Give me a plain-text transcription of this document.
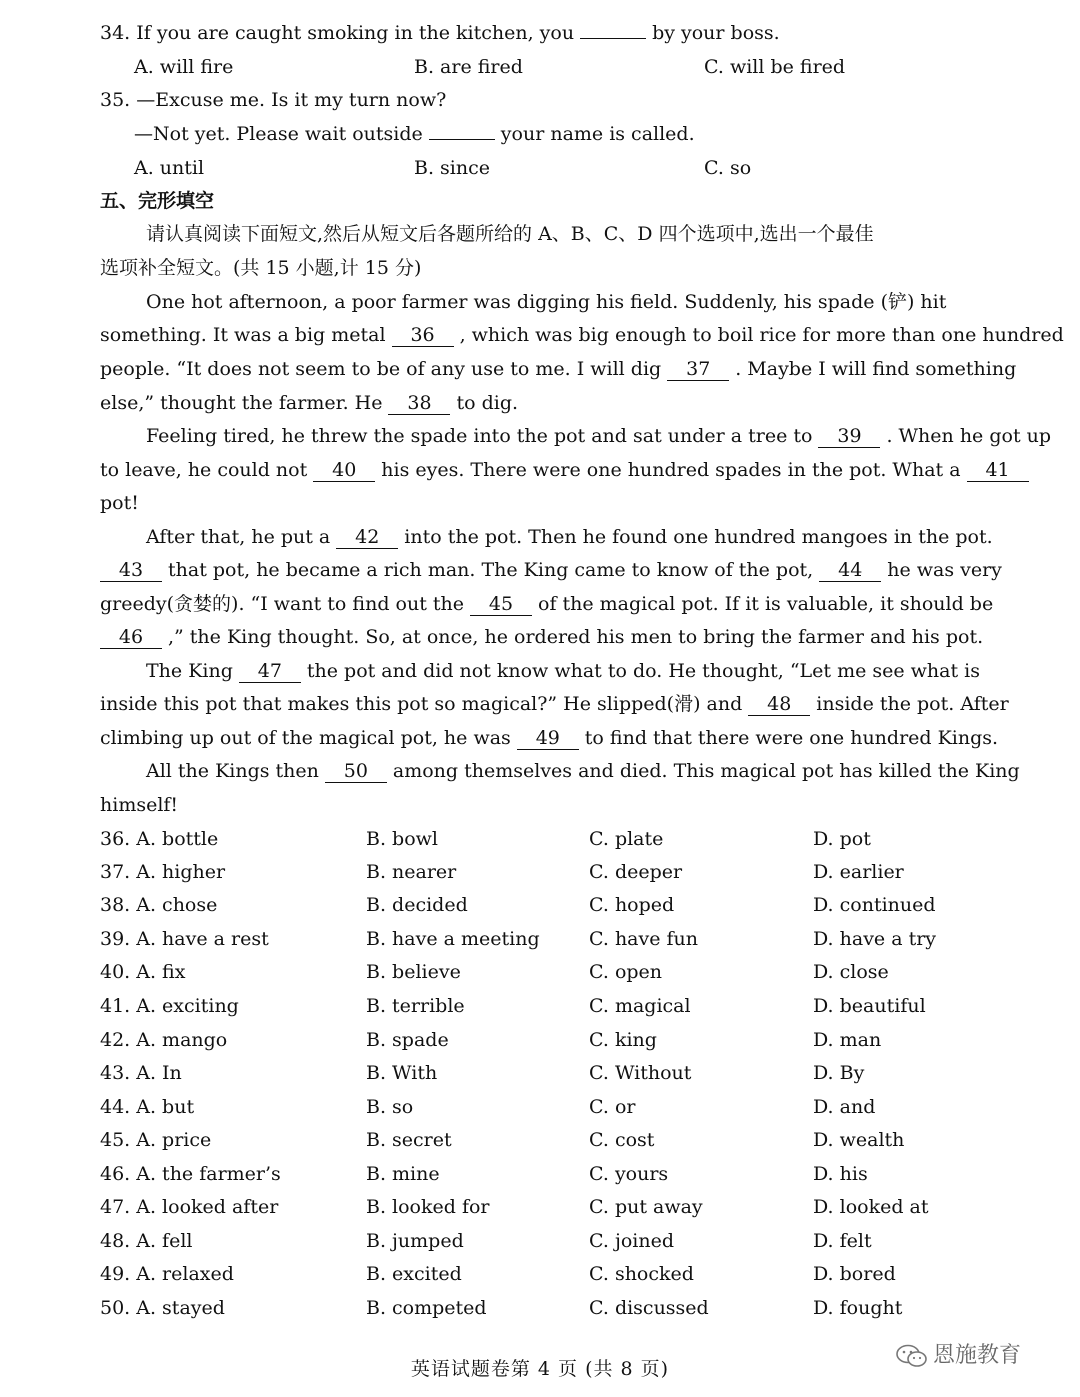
34. If you are caught smoking in the kitchen, you	by your boss.
A. will fire	B. are fired	C. will be fired
35. —Excuse me. Is it my turn now?
—Not yet. Please wait outside	your name is called.
A. until	B. since	C. so
五、完形填空
请认真阅读下面短文,然后从短文后各题所给的 A、B、C、D 四个选项中,选出一个最佳
选项补全短文。(共 15 小题,计 15 分)
One hot afternoon, a poor farmer was digging his field. Suddenly, his spade (铲) hit
something. It was a big metal 36 , which was big enough to boil rice for more than one hundred
people. “It does not seem to be of any use to me. I will dig 37 . Maybe I will find something
else,” thought the farmer. He 38 to dig.
Feeling tired, he threw the spade into the pot and sat under a tree to 39 . When he got up
to leave, he could not 40 his eyes. There were one hundred spades in the pot. What a 41
pot!
After that, he put a 42 into the pot. Then he found one hundred mangoes in the pot.
43 that pot, he became a rich man. The King came to know of the pot, 44 he was very
greedy(贪婪的). “I want to find out the 45 of the magical pot. If it is valuable, it should be
46 ,” the King thought. So, at once, he ordered his men to bring the farmer and his pot.
The King 47 the pot and did not know what to do. He thought, “Let me see what is
inside this pot that makes this pot so magical?” He slipped(滑) and 48 inside the pot. After
climbing up out of the magical pot, he was 49 to find that there were one hundred Kings.
All the Kings then 50 among themselves and died. This magical pot has killed the King
himself!
36. A. bottle	B. bowl	C. plate	D. pot
37. A. higher	B. nearer	C. deeper	D. earlier
38. A. chose	B. decided	C. hoped	D. continued
39. A. have a rest	B. have a meeting	C. have fun	D. have a try
40. A. fix	B. believe	C. open	D. close
41. A. exciting	B. terrible	C. magical	D. beautiful
42. A. mango	B. spade	C. king	D. man
43. A. In	B. With	C. Without	D. By
44. A. but	B. so	C. or	D. and
45. A. price	B. secret	C. cost	D. wealth
46. A. the farmer’s	B. mine	C. yours	D. his
47. A. looked after	B. looked for	C. put away	D. looked at
48. A. fell	B. jumped	C. joined	D. felt
49. A. relaxed	B. excited	C. shocked	D. bored
50. A. stayed	B. competed	C. discussed	D. fought
恩施教育
英语试题卷第 4 页 (共 8 页)
